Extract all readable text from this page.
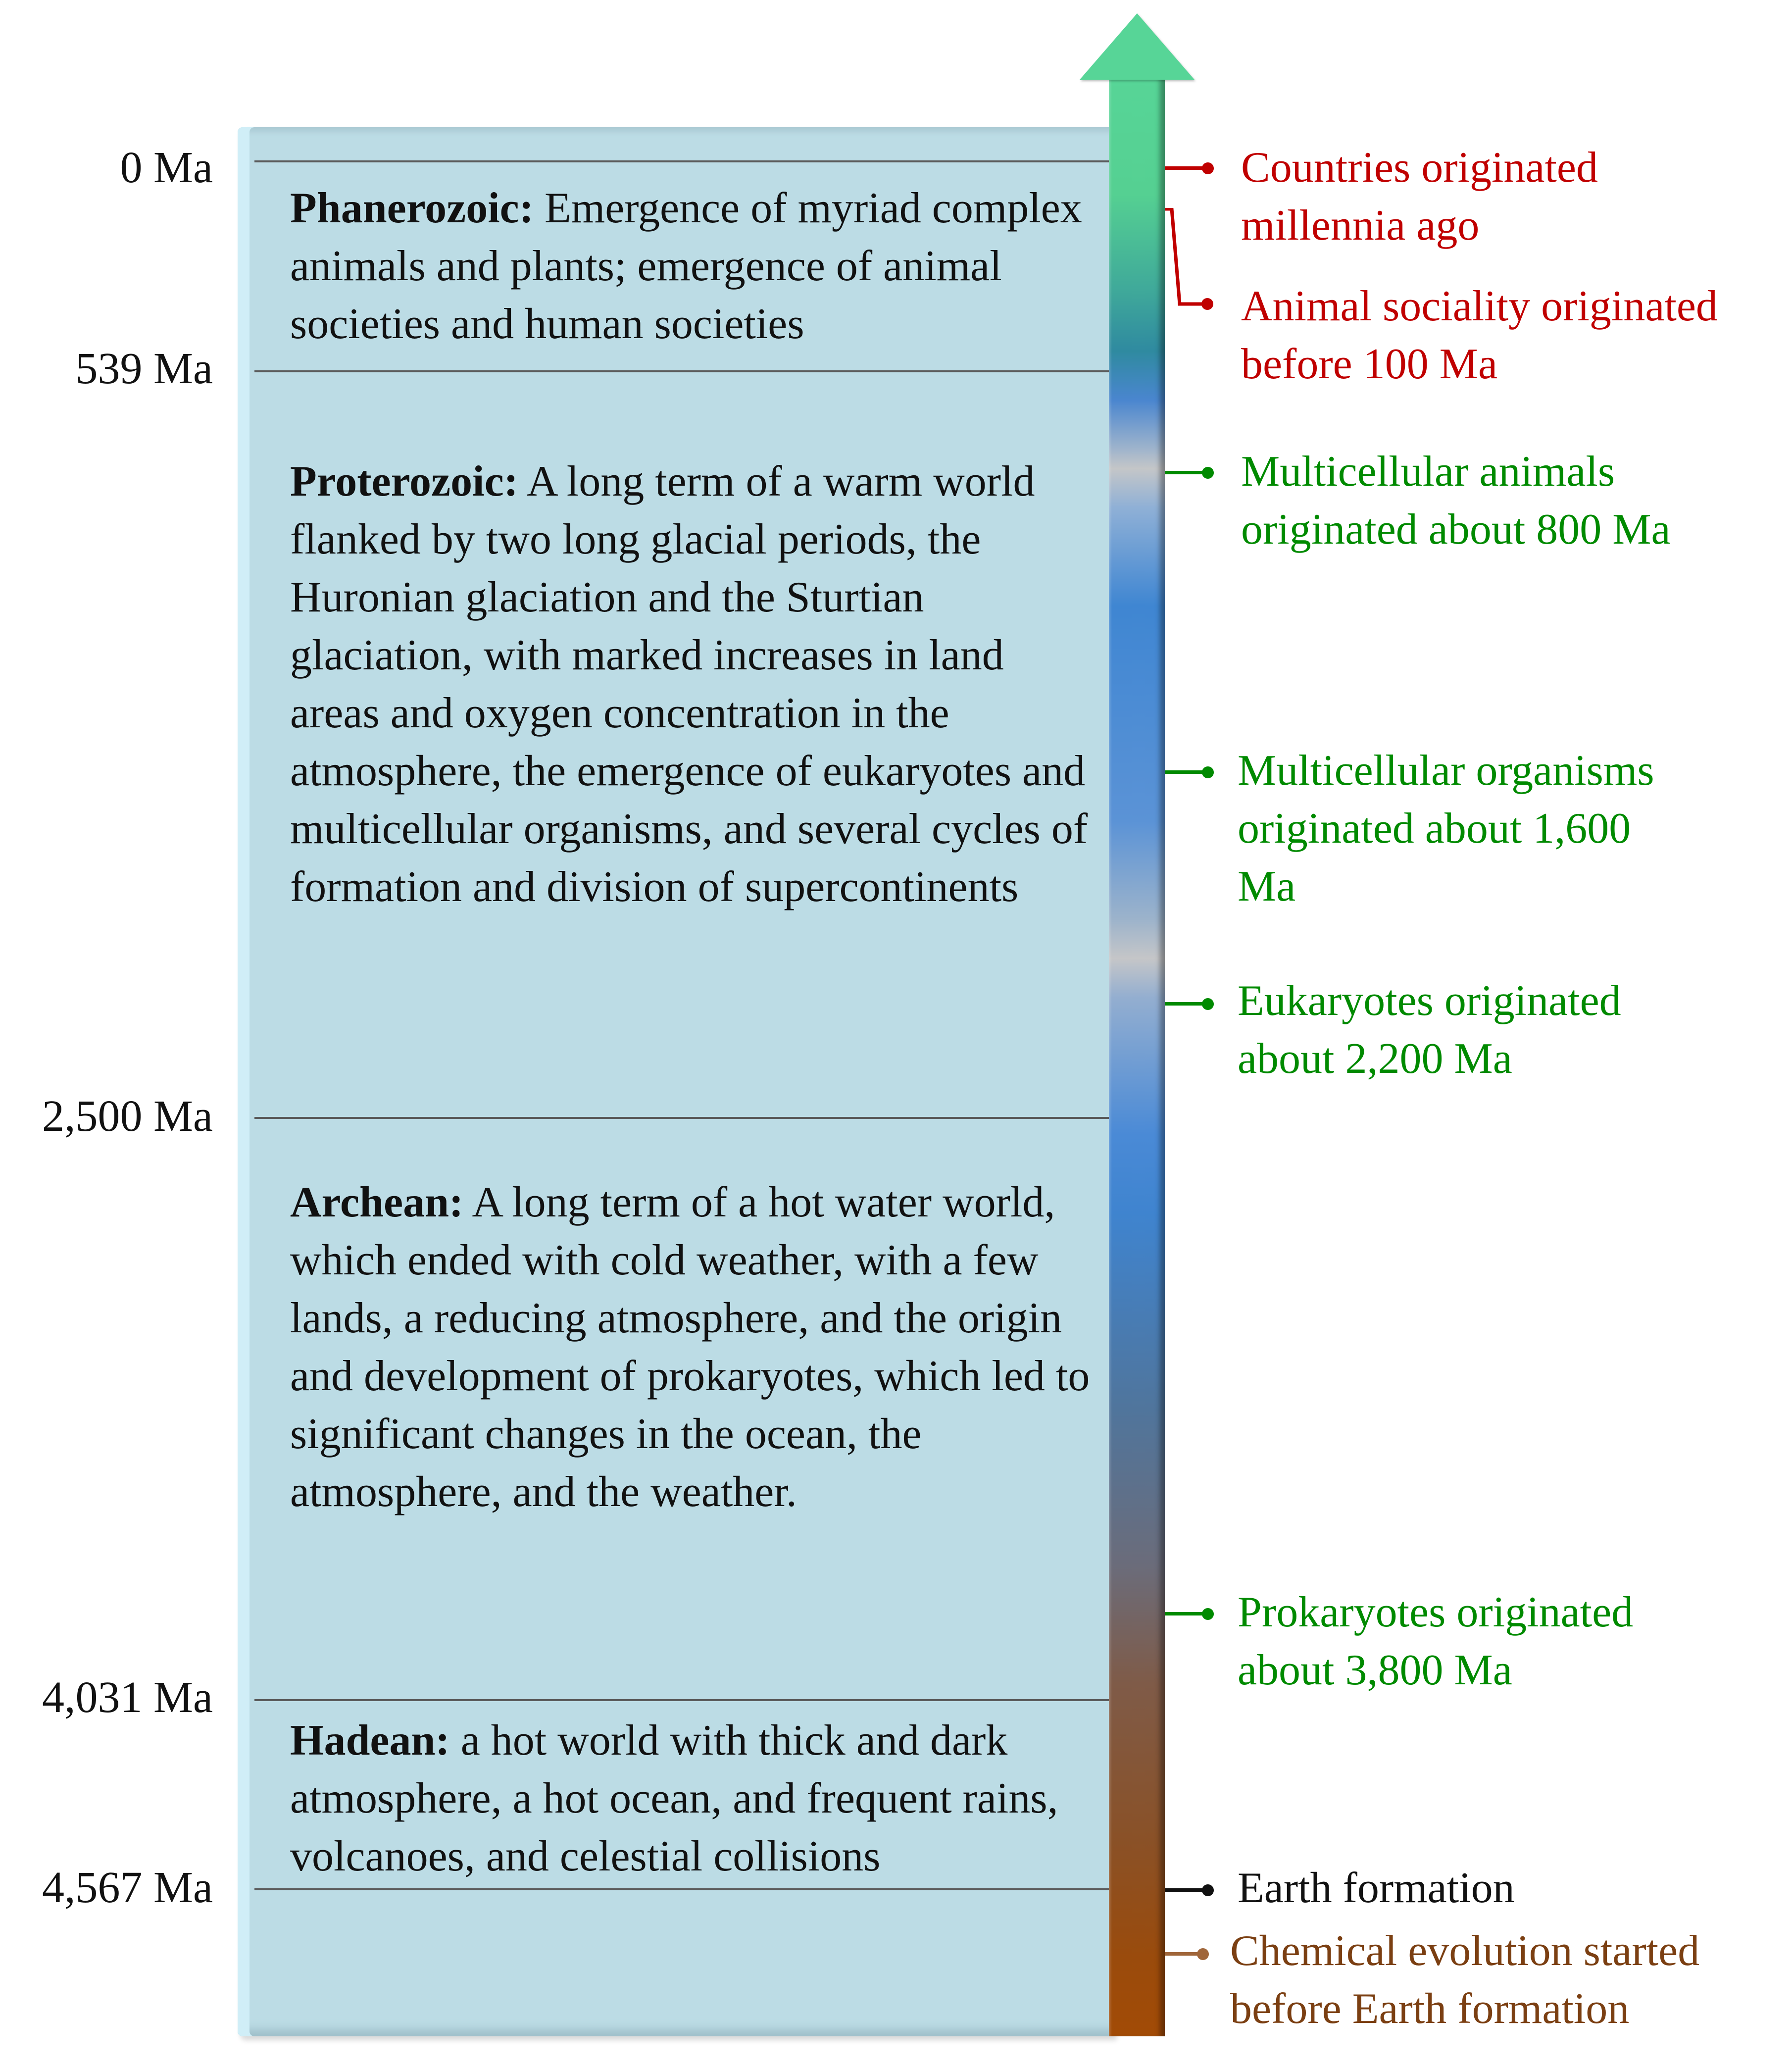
0 Ma
539 Ma
2,500 Ma
4,031 Ma
4,567 Ma
Phanerozoic: Emergence of myriad complex animals and plants; emergence of animal societies and human societies
Proterozoic: A long term of a warm world flanked by two long glacial periods, the Huronian glaciation and the Sturtian glaciation, with marked increases in land areas and oxygen concentration in the atmosphere, the emergence of eukaryotes and multicellular organisms, and several cycles of formation and division of supercontinents
Archean: A long term of a hot water world, which ended with cold weather, with a few lands, a reducing atmosphere, and the origin and development of prokaryotes, which led to significant changes in the ocean, the atmosphere, and the weather.
Hadean: a hot world with thick and dark atmosphere, a hot ocean, and frequent rains, volcanoes, and celestial collisions
Countries originated
millennia ago
Animal sociality originated
before 100 Ma
Multicellular animals
originated about 800 Ma
Multicellular organisms
originated about 1,600
Ma
Eukaryotes originated
about 2,200 Ma
Prokaryotes originated
about 3,800 Ma
Earth formation
Chemical evolution started
before Earth formation
